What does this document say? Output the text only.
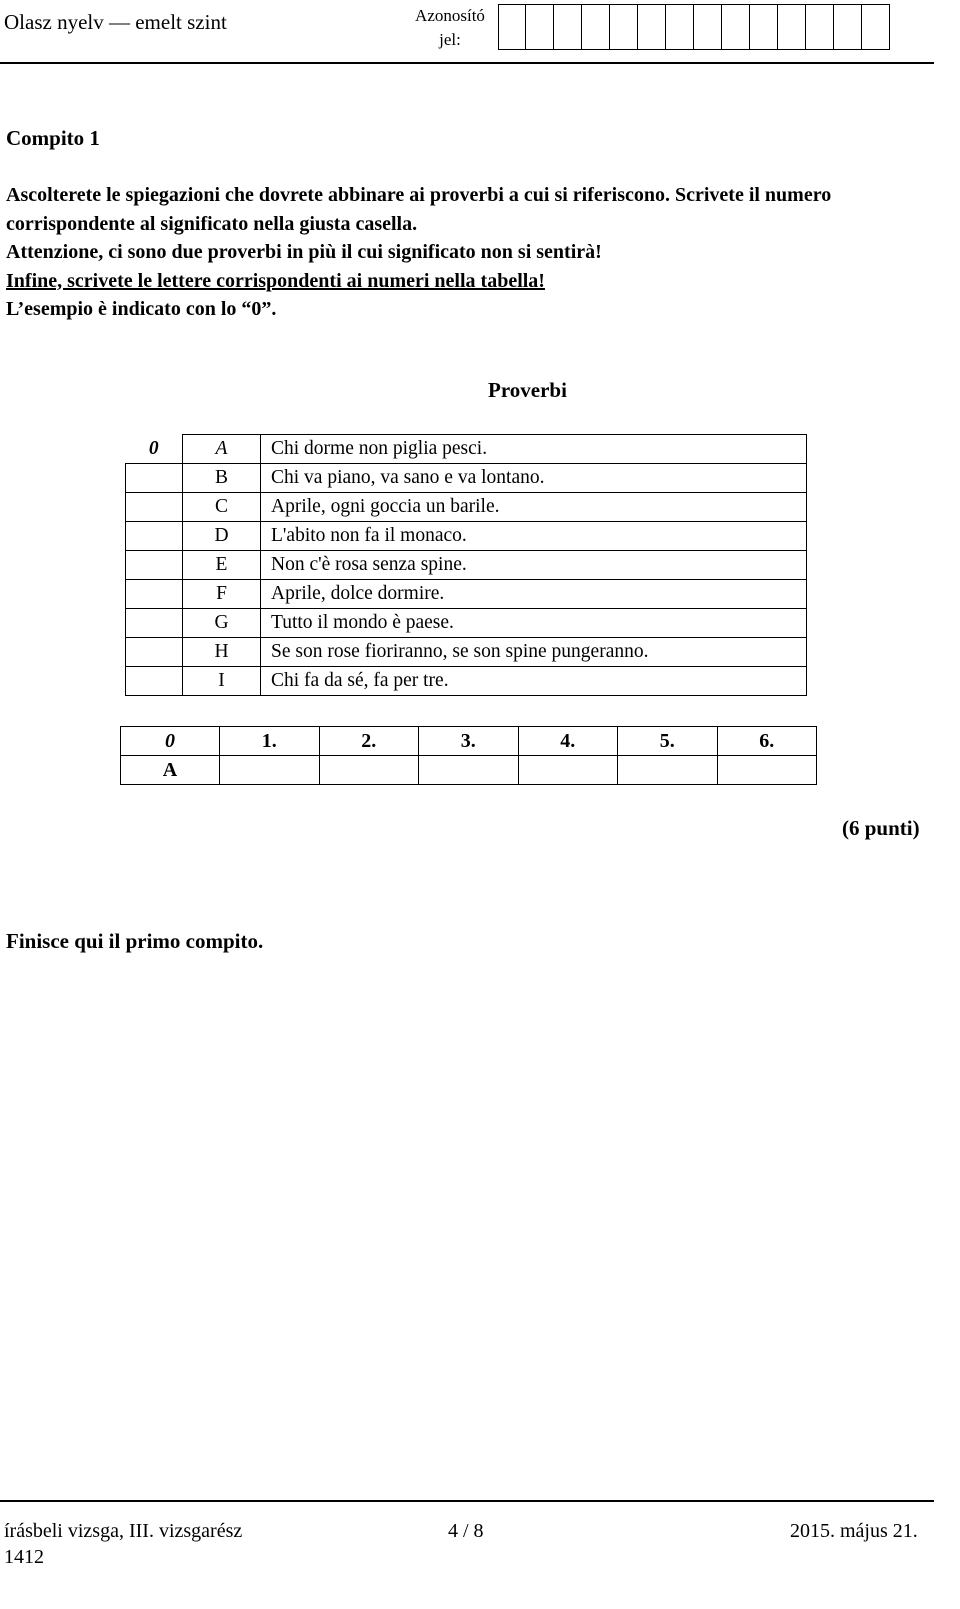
Olasz nyelv — emelt szint	Azonosító
jel:
Compito 1

Ascolterete le spiegazioni che dovrete abbinare ai proverbi a cui si riferiscono. Scrivete il numero corrispondente al significato nella giusta casella.

Attenzione, ci sono due proverbi in più il cui significato non si sentirà!

Infine, scrivete le lettere corrispondenti ai numeri nella tabella!

L’esempio è indicato con lo “0”.

Proverbi
0	A	Chi dorme non piglia pesci.
	B	Chi va piano, va sano e va lontano.
	C	Aprile, ogni goccia un barile.
	D	L'abito non fa il monaco.
	E	Non c'è rosa senza spine.
	F	Aprile, dolce dormire.
	G	Tutto il mondo è paese.
	H	Se son rose fioriranno, se son spine pungeranno.
	I	Chi fa da sé, fa per tre.
0	1.	2.	3.	4.	5.	6.
A						
(6 punti)
Finisce qui il primo compito.
írásbeli vizsga, III. vizsgarész
1412
4 / 8	2015. május 21.
